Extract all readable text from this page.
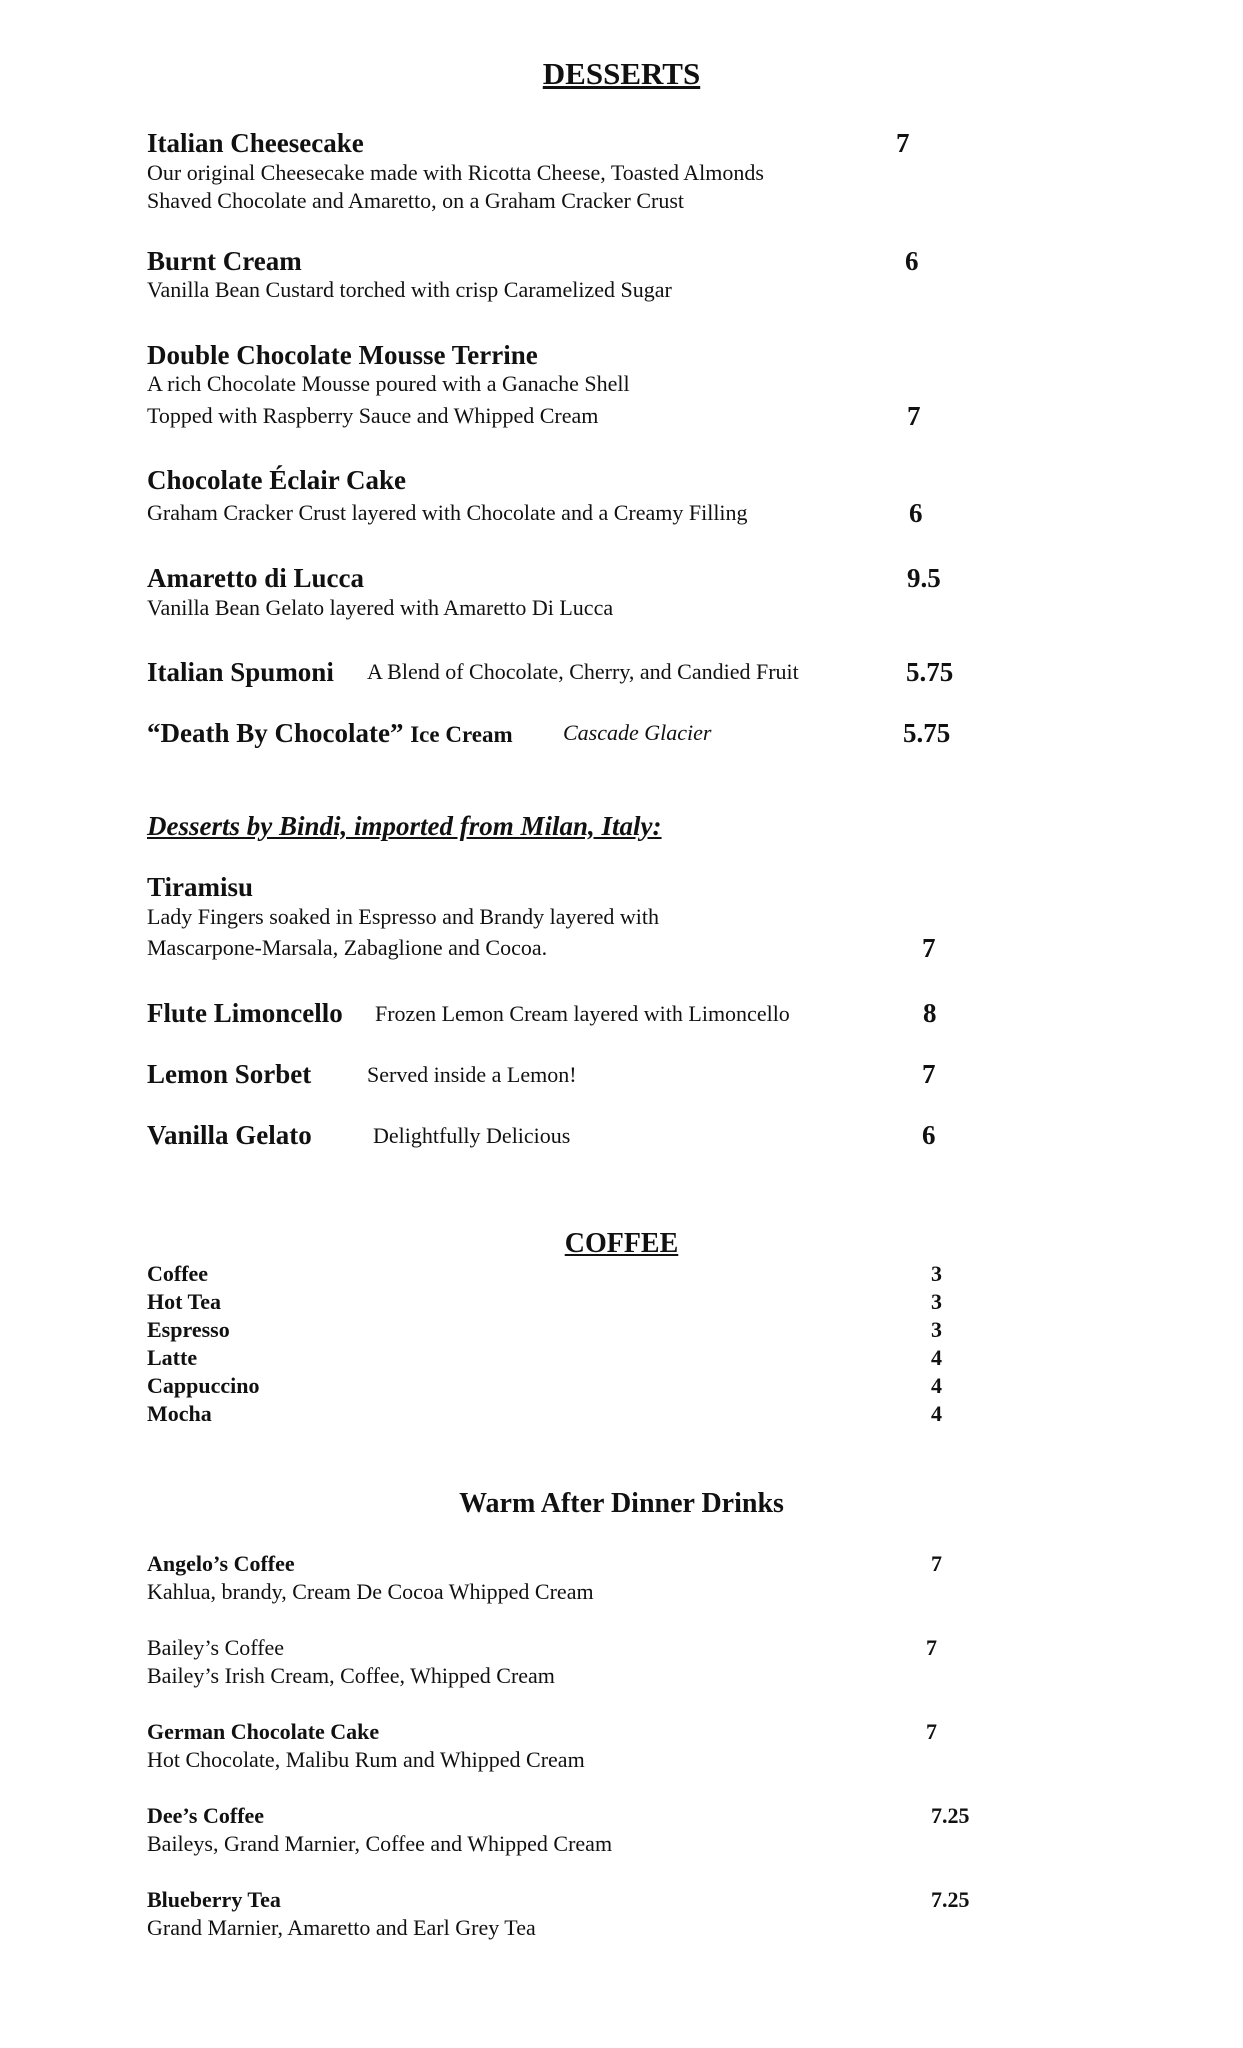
DESSERTS
Italian Cheesecake	7
Our original Cheesecake made with Ricotta Cheese, Toasted Almonds
Shaved Chocolate and Amaretto, on a Graham Cracker Crust
Burnt Cream	6
Vanilla Bean Custard torched with crisp Caramelized Sugar
Double Chocolate Mousse Terrine
A rich Chocolate Mousse poured with a Ganache Shell
Topped with Raspberry Sauce and Whipped Cream	7
Chocolate Éclair Cake
Graham Cracker Crust layered with Chocolate and a Creamy Filling	6
Amaretto di Lucca	9.5
Vanilla Bean Gelato layered with Amaretto Di Lucca
Italian Spumoni A Blend of Chocolate, Cherry, and Candied Fruit	5.75
“Death By Chocolate” Ice Cream Cascade Glacier	5.75
Desserts by Bindi, imported from Milan, Italy:
Tiramisu
Lady Fingers soaked in Espresso and Brandy layered with
Mascarpone-Marsala, Zabaglione and Cocoa.	7
Flute Limoncello Frozen Lemon Cream layered with Limoncello	8
Lemon Sorbet	Served inside a Lemon!	7
Vanilla Gelato	Delightfully Delicious	6
COFFEE
Coffee	3
Hot Tea	3
Espresso	3
Latte	4
Cappuccino	4
Mocha	4
Warm After Dinner Drinks
Angelo’s Coffee	7
Kahlua, brandy, Cream De Cocoa Whipped Cream
Bailey’s Coffee	7
Bailey’s Irish Cream, Coffee, Whipped Cream
German Chocolate Cake	7
Hot Chocolate, Malibu Rum and Whipped Cream
Dee’s Coffee	7.25
Baileys, Grand Marnier, Coffee and Whipped Cream
Blueberry Tea	7.25
Grand Marnier, Amaretto and Earl Grey Tea
